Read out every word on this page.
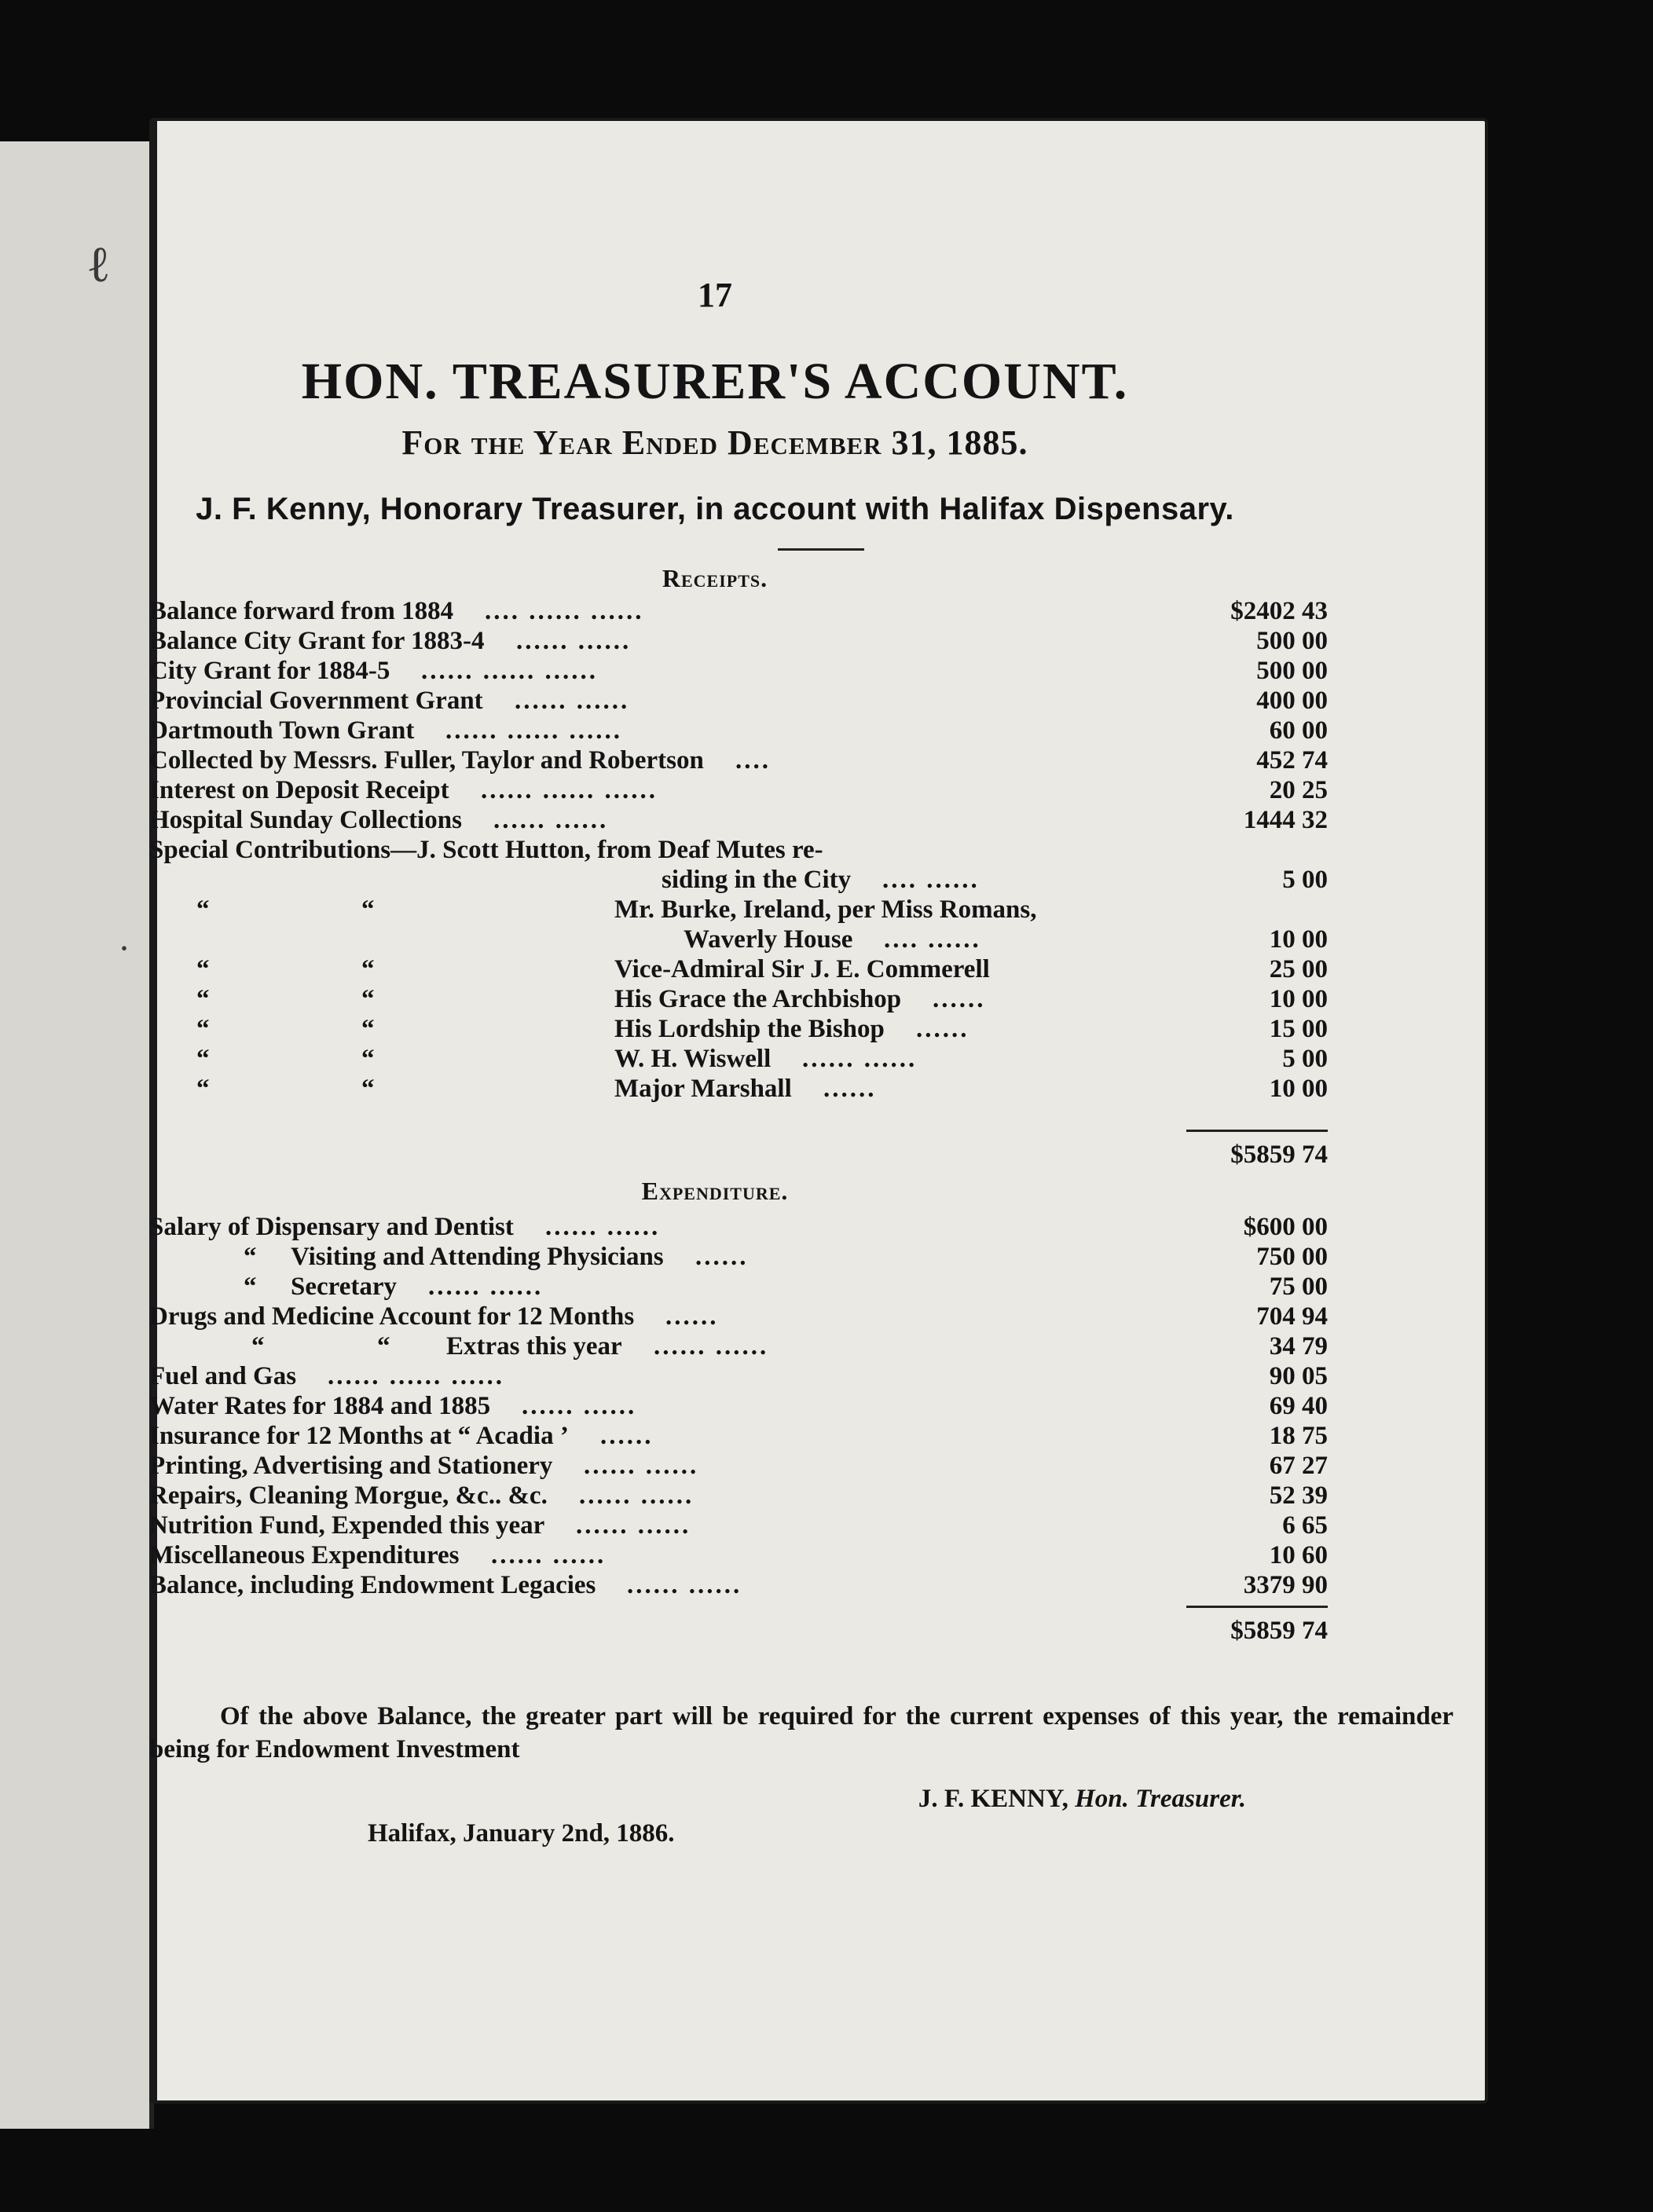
ℓ
·
17
HON. TREASURER'S ACCOUNT.
For the Year Ended December 31, 1885.
J. F. Kenny, Honorary Treasurer, in account with Halifax Dispensary.
Receipts.
Balance forward from 1884 .... ...... ......	$2402 43
Balance City Grant for 1883-4 ...... ......	500 00
City Grant for 1884-5 ...... ...... ......	500 00
Provincial Government Grant ...... ......	400 00
Dartmouth Town Grant ...... ...... ......	60 00
Collected by Messrs. Fuller, Taylor and Robertson ....	452 74
Interest on Deposit Receipt ...... ...... ......	20 25
Hospital Sunday Collections ...... ......	1444 32
Special Contributions—J. Scott Hutton, from Deaf Mutes re-
siding in the City .... ......	5 00
“	“	Mr. Burke, Ireland, per Miss Romans,
Waverly House .... ......	10 00
“	“	Vice-Admiral Sir J. E. Commerell	25 00
“	“	His Grace the Archbishop ......	10 00
“	“	His Lordship the Bishop ......	15 00
“	“	W. H. Wiswell ...... ......	5 00
“	“	Major Marshall ......	10 00
$5859 74
Expenditure.
Salary of Dispensary and Dentist ...... ......	$600 00
“ Visiting and Attending Physicians ......	750 00
“ Secretary ...... ......	75 00
Drugs and Medicine Account for 12 Months ......	704 94
“	“ Extras this year ...... ......	34 79
Fuel and Gas ...... ...... ......	90 05
Water Rates for 1884 and 1885 ...... ......	69 40
Insurance for 12 Months at “ Acadia ’ ......	18 75
Printing, Advertising and Stationery ...... ......	67 27
Repairs, Cleaning Morgue, &c.. &c. ...... ......	52 39
Nutrition Fund, Expended this year ...... ......	6 65
Miscellaneous Expenditures ...... ......	10 60
Balance, including Endowment Legacies ...... ......	3379 90
$5859 74

Of the above Balance, the greater part will be required for the current expenses of this year, the remainder being for Endowment Investment

J. F. KENNY, Hon. Treasurer.
Halifax, January 2nd, 1886.
